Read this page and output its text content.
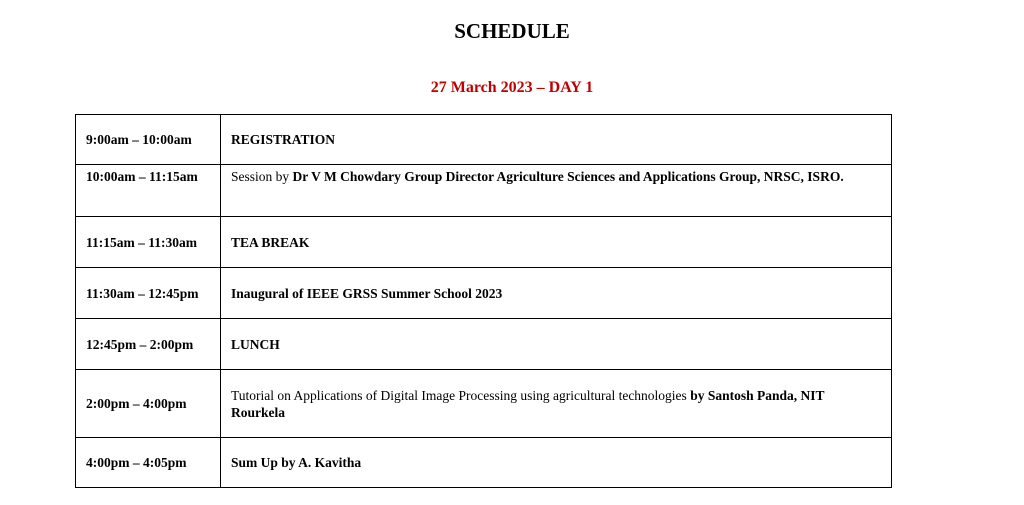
SCHEDULE
27 March 2023 – DAY 1
9:00am – 10:00am	REGISTRATION
10:00am – 11:15am	Session by Dr V M Chowdary Group Director Agriculture Sciences and Applications Group, NRSC, ISRO.
11:15am – 11:30am	TEA BREAK
11:30am – 12:45pm	Inaugural of IEEE GRSS Summer School 2023
12:45pm – 2:00pm	LUNCH
2:00pm – 4:00pm	Tutorial on Applications of Digital Image Processing using agricultural technologies by Santosh Panda, NIT Rourkela
4:00pm – 4:05pm	Sum Up by A. Kavitha
